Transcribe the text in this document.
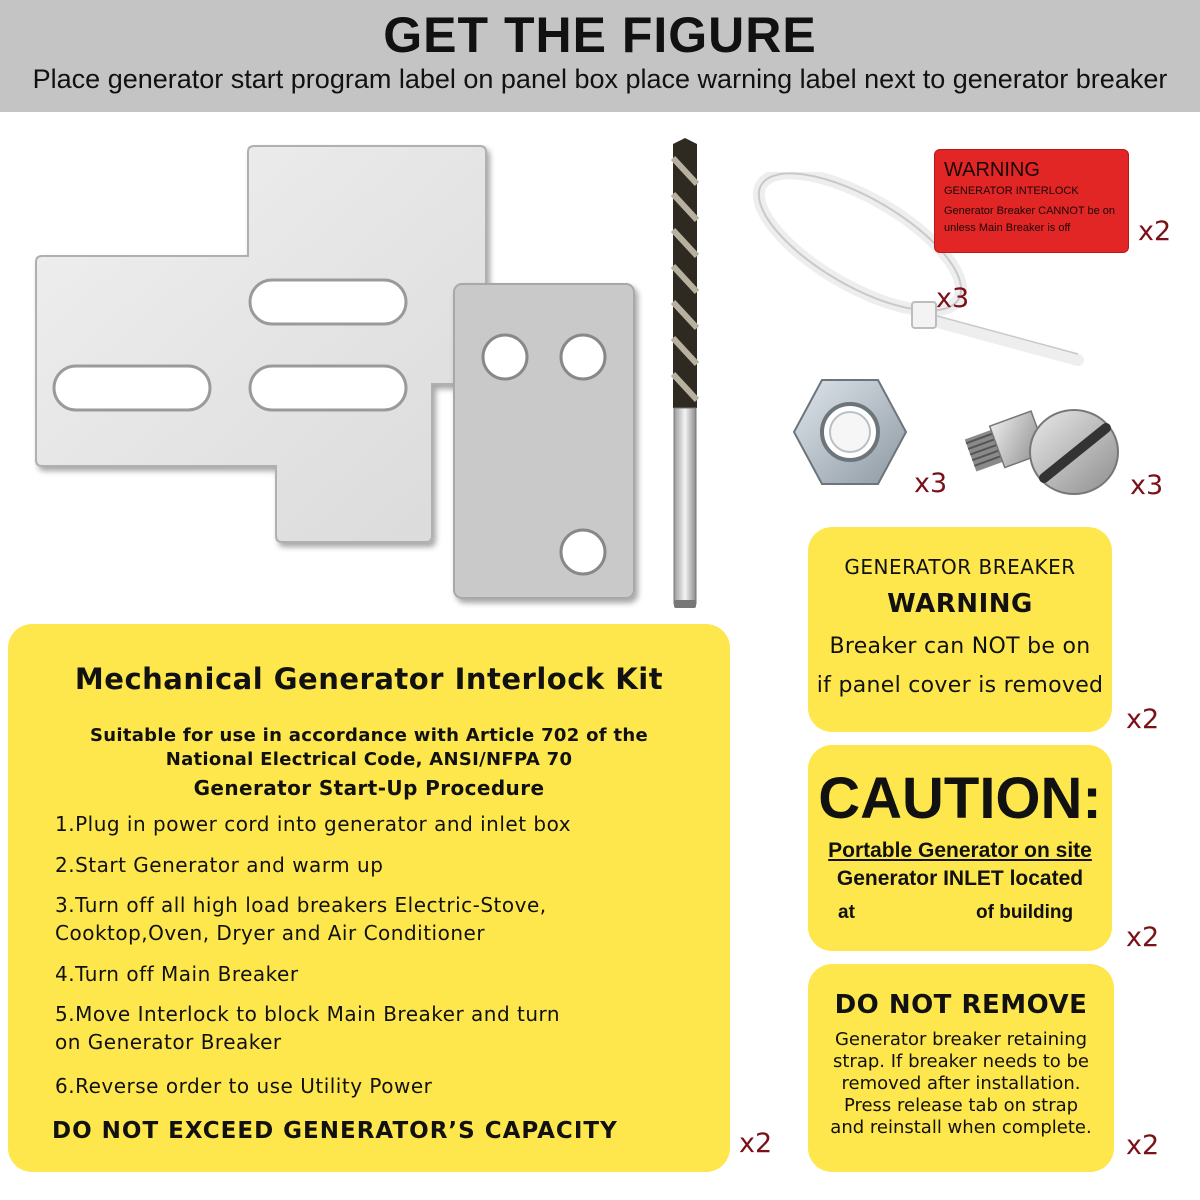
GET THE FIGURE
Place generator start program label on panel box place warning label next to generator breaker
x3
WARNING
GENERATOR INTERLOCK
Generator Breaker CANNOT be on
unless Main Breaker is off	x2
x3	x3
Mechanical Generator Interlock Kit
Suitable for use in accordance with Article 702 of the
National Electrical Code, ANSI/NFPA 70
Generator Start-Up Procedure
1.Plug in power cord into generator and inlet box
2.Start Generator and warm up
3.Turn off all high load breakers Electric-Stove,
Cooktop,Oven, Dryer and Air Conditioner
4.Turn off Main Breaker
5.Move Interlock to block Main Breaker and turn
on Generator Breaker
6.Reverse order to use Utility Power
DO NOT EXCEED GENERATOR’S CAPACITY	x2
GENERATOR BREAKER
WARNING
Breaker can NOT be on
if panel cover is removed
x2
CAUTION:
Portable Generator on site
Generator INLET located
at	of building
x2
DO NOT REMOVE
Generator breaker retaining
strap. If breaker needs to be
removed after installation.
Press release tab on strap
and reinstall when complete.
x2
